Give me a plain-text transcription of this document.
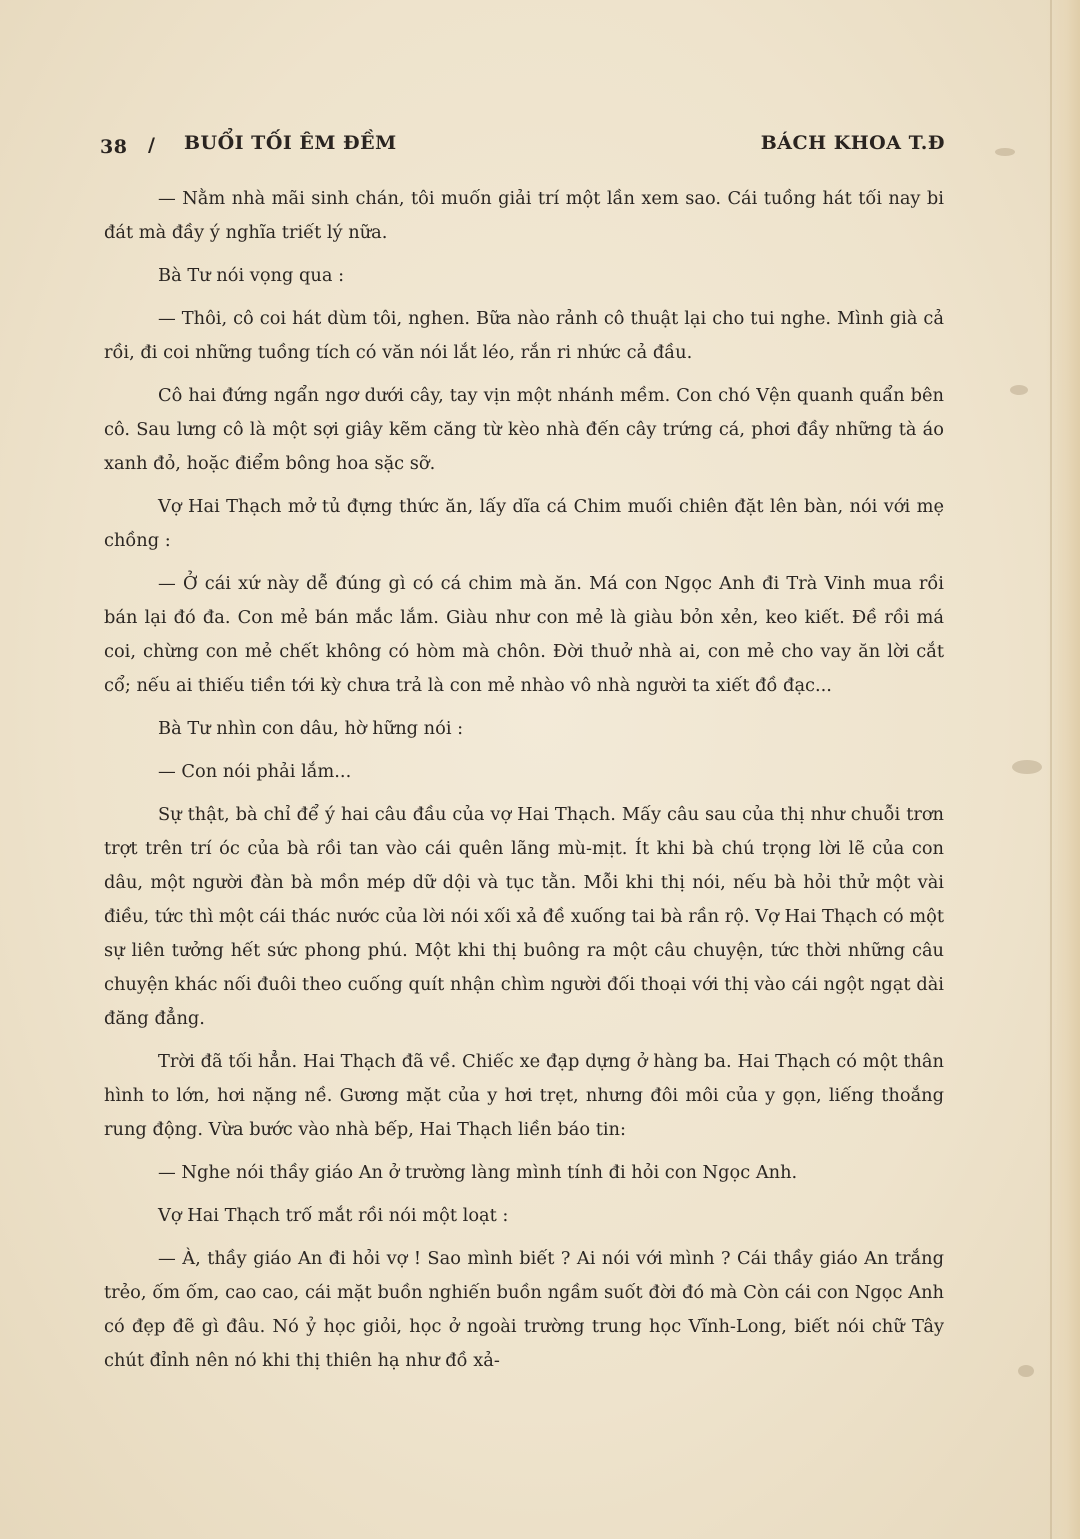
38 / BUỔI TỐI ÊM ĐỀM	BÁCH KHOA T.Đ

— Nằm nhà mãi sinh chán, tôi muốn giải trí một lần xem sao. Cái tuồng hát tối nay bi đát mà đầy ý nghĩa triết lý nữa.

Bà Tư nói vọng qua :

— Thôi, cô coi hát dùm tôi, nghen. Bữa nào rảnh cô thuật lại cho tui nghe. Mình già cả rồi, đi coi những tuồng tích có văn nói lắt léo, rắn ri nhức cả đầu.

Cô hai đứng ngẩn ngơ dưới cây, tay vịn một nhánh mềm. Con chó Vện quanh quẩn bên cô. Sau lưng cô là một sợi giây kẽm căng từ kèo nhà đến cây trứng cá, phơi đầy những tà áo xanh đỏ, hoặc điểm bông hoa sặc sỡ.

Vợ Hai Thạch mở tủ đựng thức ăn, lấy dĩa cá Chim muối chiên đặt lên bàn, nói với mẹ chồng :

— Ở cái xứ này dễ đúng gì có cá chim mà ăn. Má con Ngọc Anh đi Trà Vinh mua rồi bán lại đó đa. Con mẻ bán mắc lắm. Giàu như con mẻ là giàu bỏn xẻn, keo kiết. Đề rồi má coi, chừng con mẻ chết không có hòm mà chôn. Đời thuở nhà ai, con mẻ cho vay ăn lời cắt cổ; nếu ai thiếu tiền tới kỳ chưa trả là con mẻ nhào vô nhà người ta xiết đồ đạc...

Bà Tư nhìn con dâu, hờ hững nói :

— Con nói phải lắm...

Sự thật, bà chỉ để ý hai câu đầu của vợ Hai Thạch. Mấy câu sau của thị như chuỗi trơn trợt trên trí óc của bà rồi tan vào cái quên lãng mù-mịt. Ít khi bà chú trọng lời lẽ của con dâu, một người đàn bà mồn mép dữ dội và tục tằn. Mỗi khi thị nói, nếu bà hỏi thử một vài điều, tức thì một cái thác nước của lời nói xối xả đề xuống tai bà rần rộ. Vợ Hai Thạch có một sự liên tưởng hết sức phong phú. Một khi thị buông ra một câu chuyện, tức thời những câu chuyện khác nối đuôi theo cuống quít nhận chìm người đối thoại với thị vào cái ngột ngạt dài đăng đẳng.

Trời đã tối hẳn. Hai Thạch đã về. Chiếc xe đạp dựng ở hàng ba. Hai Thạch có một thân hình to lớn, hơi nặng nề. Gương mặt của y hơi trẹt, nhưng đôi môi của y gọn, liếng thoắng rung động. Vừa bước vào nhà bếp, Hai Thạch liền báo tin:

— Nghe nói thầy giáo An ở trường làng mình tính đi hỏi con Ngọc Anh.

Vợ Hai Thạch trố mắt rồi nói một loạt :

— À, thầy giáo An đi hỏi vợ ! Sao mình biết ? Ai nói với mình ? Cái thầy giáo An trắng trẻo, ốm ốm, cao cao, cái mặt buồn nghiến buồn ngầm suốt đời đó mà Còn cái con Ngọc Anh có đẹp đẽ gì đâu. Nó ỷ học giỏi, học ở ngoài trường trung học Vĩnh-Long, biết nói chữ Tây chút đỉnh nên nó khi thị thiên hạ như đồ xả-
